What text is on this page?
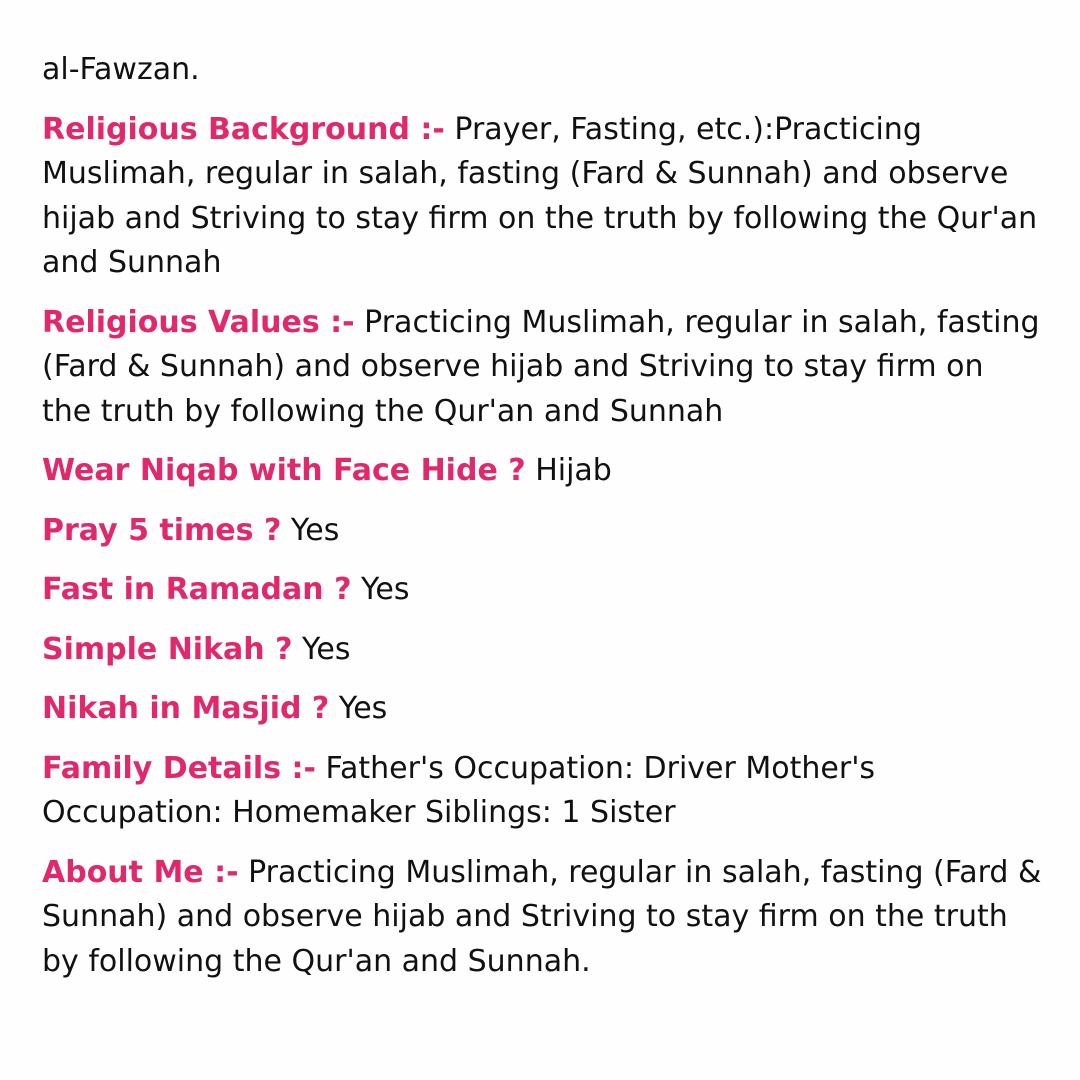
al-Fawzan.

Religious Background :- Prayer, Fasting, etc.):Practicing Muslimah, regular in salah, fasting (Fard & Sunnah) and observe hijab and Striving to stay firm on the truth by following the Qur'an and Sunnah

Religious Values :- Practicing Muslimah, regular in salah, fasting (Fard & Sunnah) and observe hijab and Striving to stay firm on the truth by following the Qur'an and Sunnah

Wear Niqab with Face Hide ? Hijab

Pray 5 times ? Yes

Fast in Ramadan ? Yes

Simple Nikah ? Yes

Nikah in Masjid ? Yes

Family Details :- Father's Occupation: Driver Mother's Occupation: Homemaker Siblings: 1 Sister

About Me :- Practicing Muslimah, regular in salah, fasting (Fard & Sunnah) and observe hijab and Striving to stay firm on the truth by following the Qur'an and Sunnah.
